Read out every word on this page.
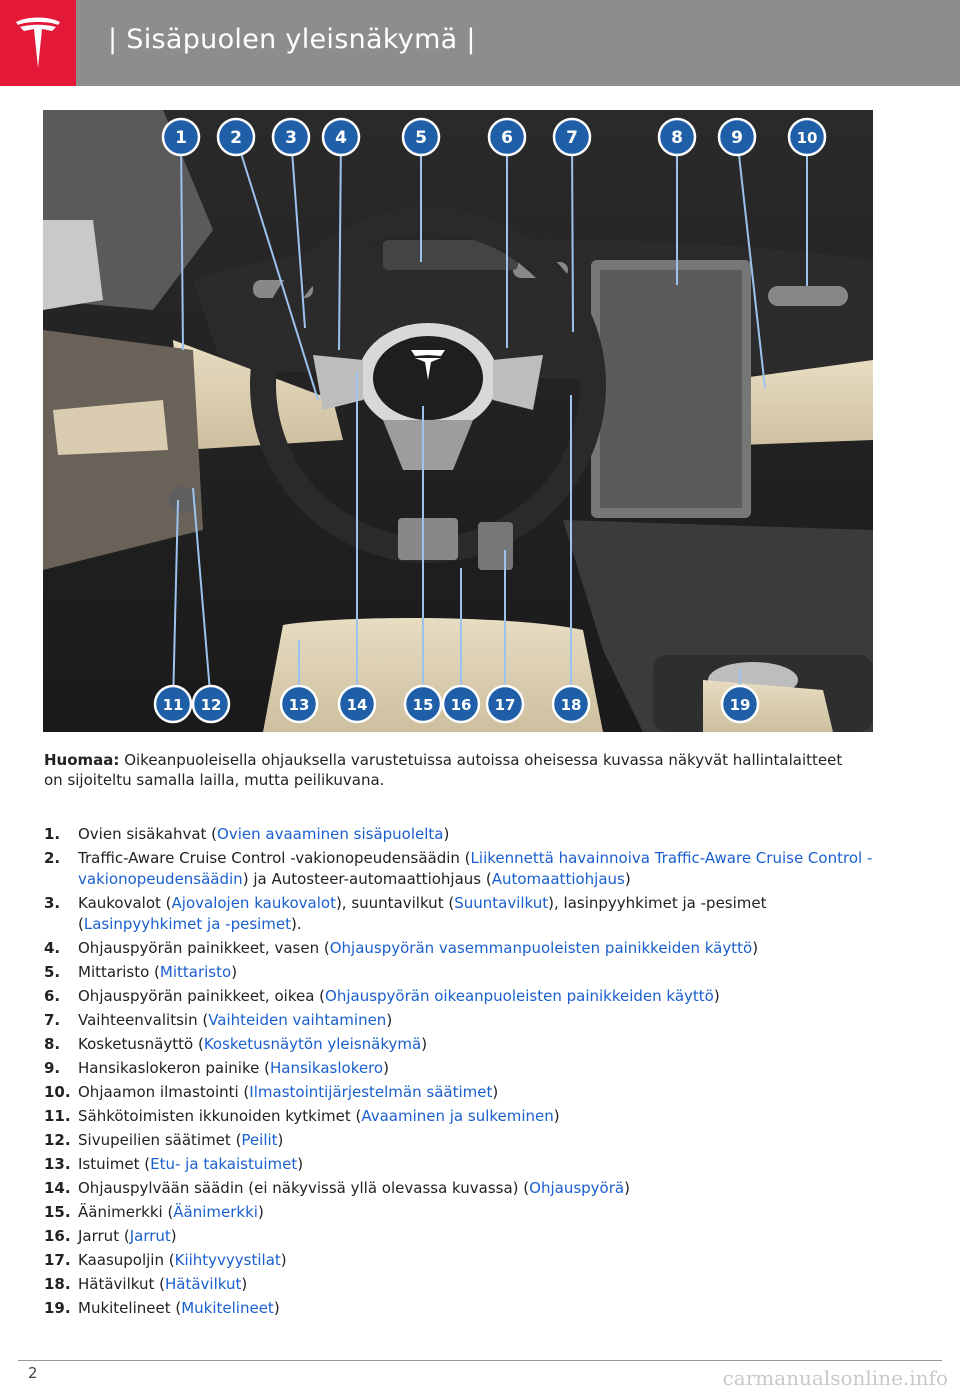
| Sisäpuolen yleisnäkymä |
1	2	3 4	5	6	7	8	9	10
11 12	13 14	15 16 17	18	19
Huomaa: Oikeanpuoleisella ohjauksella varustetuissa autoissa oheisessa kuvassa näkyvät hallintalaitteet on sijoiteltu samalla lailla, mutta peilikuvana.
1. Ovien sisäkahvat (Ovien avaaminen sisäpuolelta)
2. Traffic-Aware Cruise Control -vakionopeudensäädin (Liikennettä havainnoiva Traffic-Aware Cruise Control -vakionopeudensäädin) ja Autosteer-automaattiohjaus (Automaattiohjaus)
3. Kaukovalot (Ajovalojen kaukovalot), suuntavilkut (Suuntavilkut), lasinpyyhkimet ja -pesimet (Lasinpyyhkimet ja -pesimet).
4. Ohjauspyörän painikkeet, vasen (Ohjauspyörän vasemmanpuoleisten painikkeiden käyttö)
5. Mittaristo (Mittaristo)
6. Ohjauspyörän painikkeet, oikea (Ohjauspyörän oikeanpuoleisten painikkeiden käyttö)
7. Vaihteenvalitsin (Vaihteiden vaihtaminen)
8. Kosketusnäyttö (Kosketusnäytön yleisnäkymä)
9. Hansikaslokeron painike (Hansikaslokero)
10. Ohjaamon ilmastointi (Ilmastointijärjestelmän säätimet)
11. Sähkötoimisten ikkunoiden kytkimet (Avaaminen ja sulkeminen)
12. Sivupeilien säätimet (Peilit)
13. Istuimet (Etu- ja takaistuimet)
14. Ohjauspylvään säädin (ei näkyvissä yllä olevassa kuvassa) (Ohjauspyörä)
15. Äänimerkki (Äänimerkki)
16. Jarrut (Jarrut)
17. Kaasupoljin (Kiihtyvyystilat)
18. Hätävilkut (Hätävilkut)
19. Mukitelineet (Mukitelineet)
2	carmanualsonline.info
